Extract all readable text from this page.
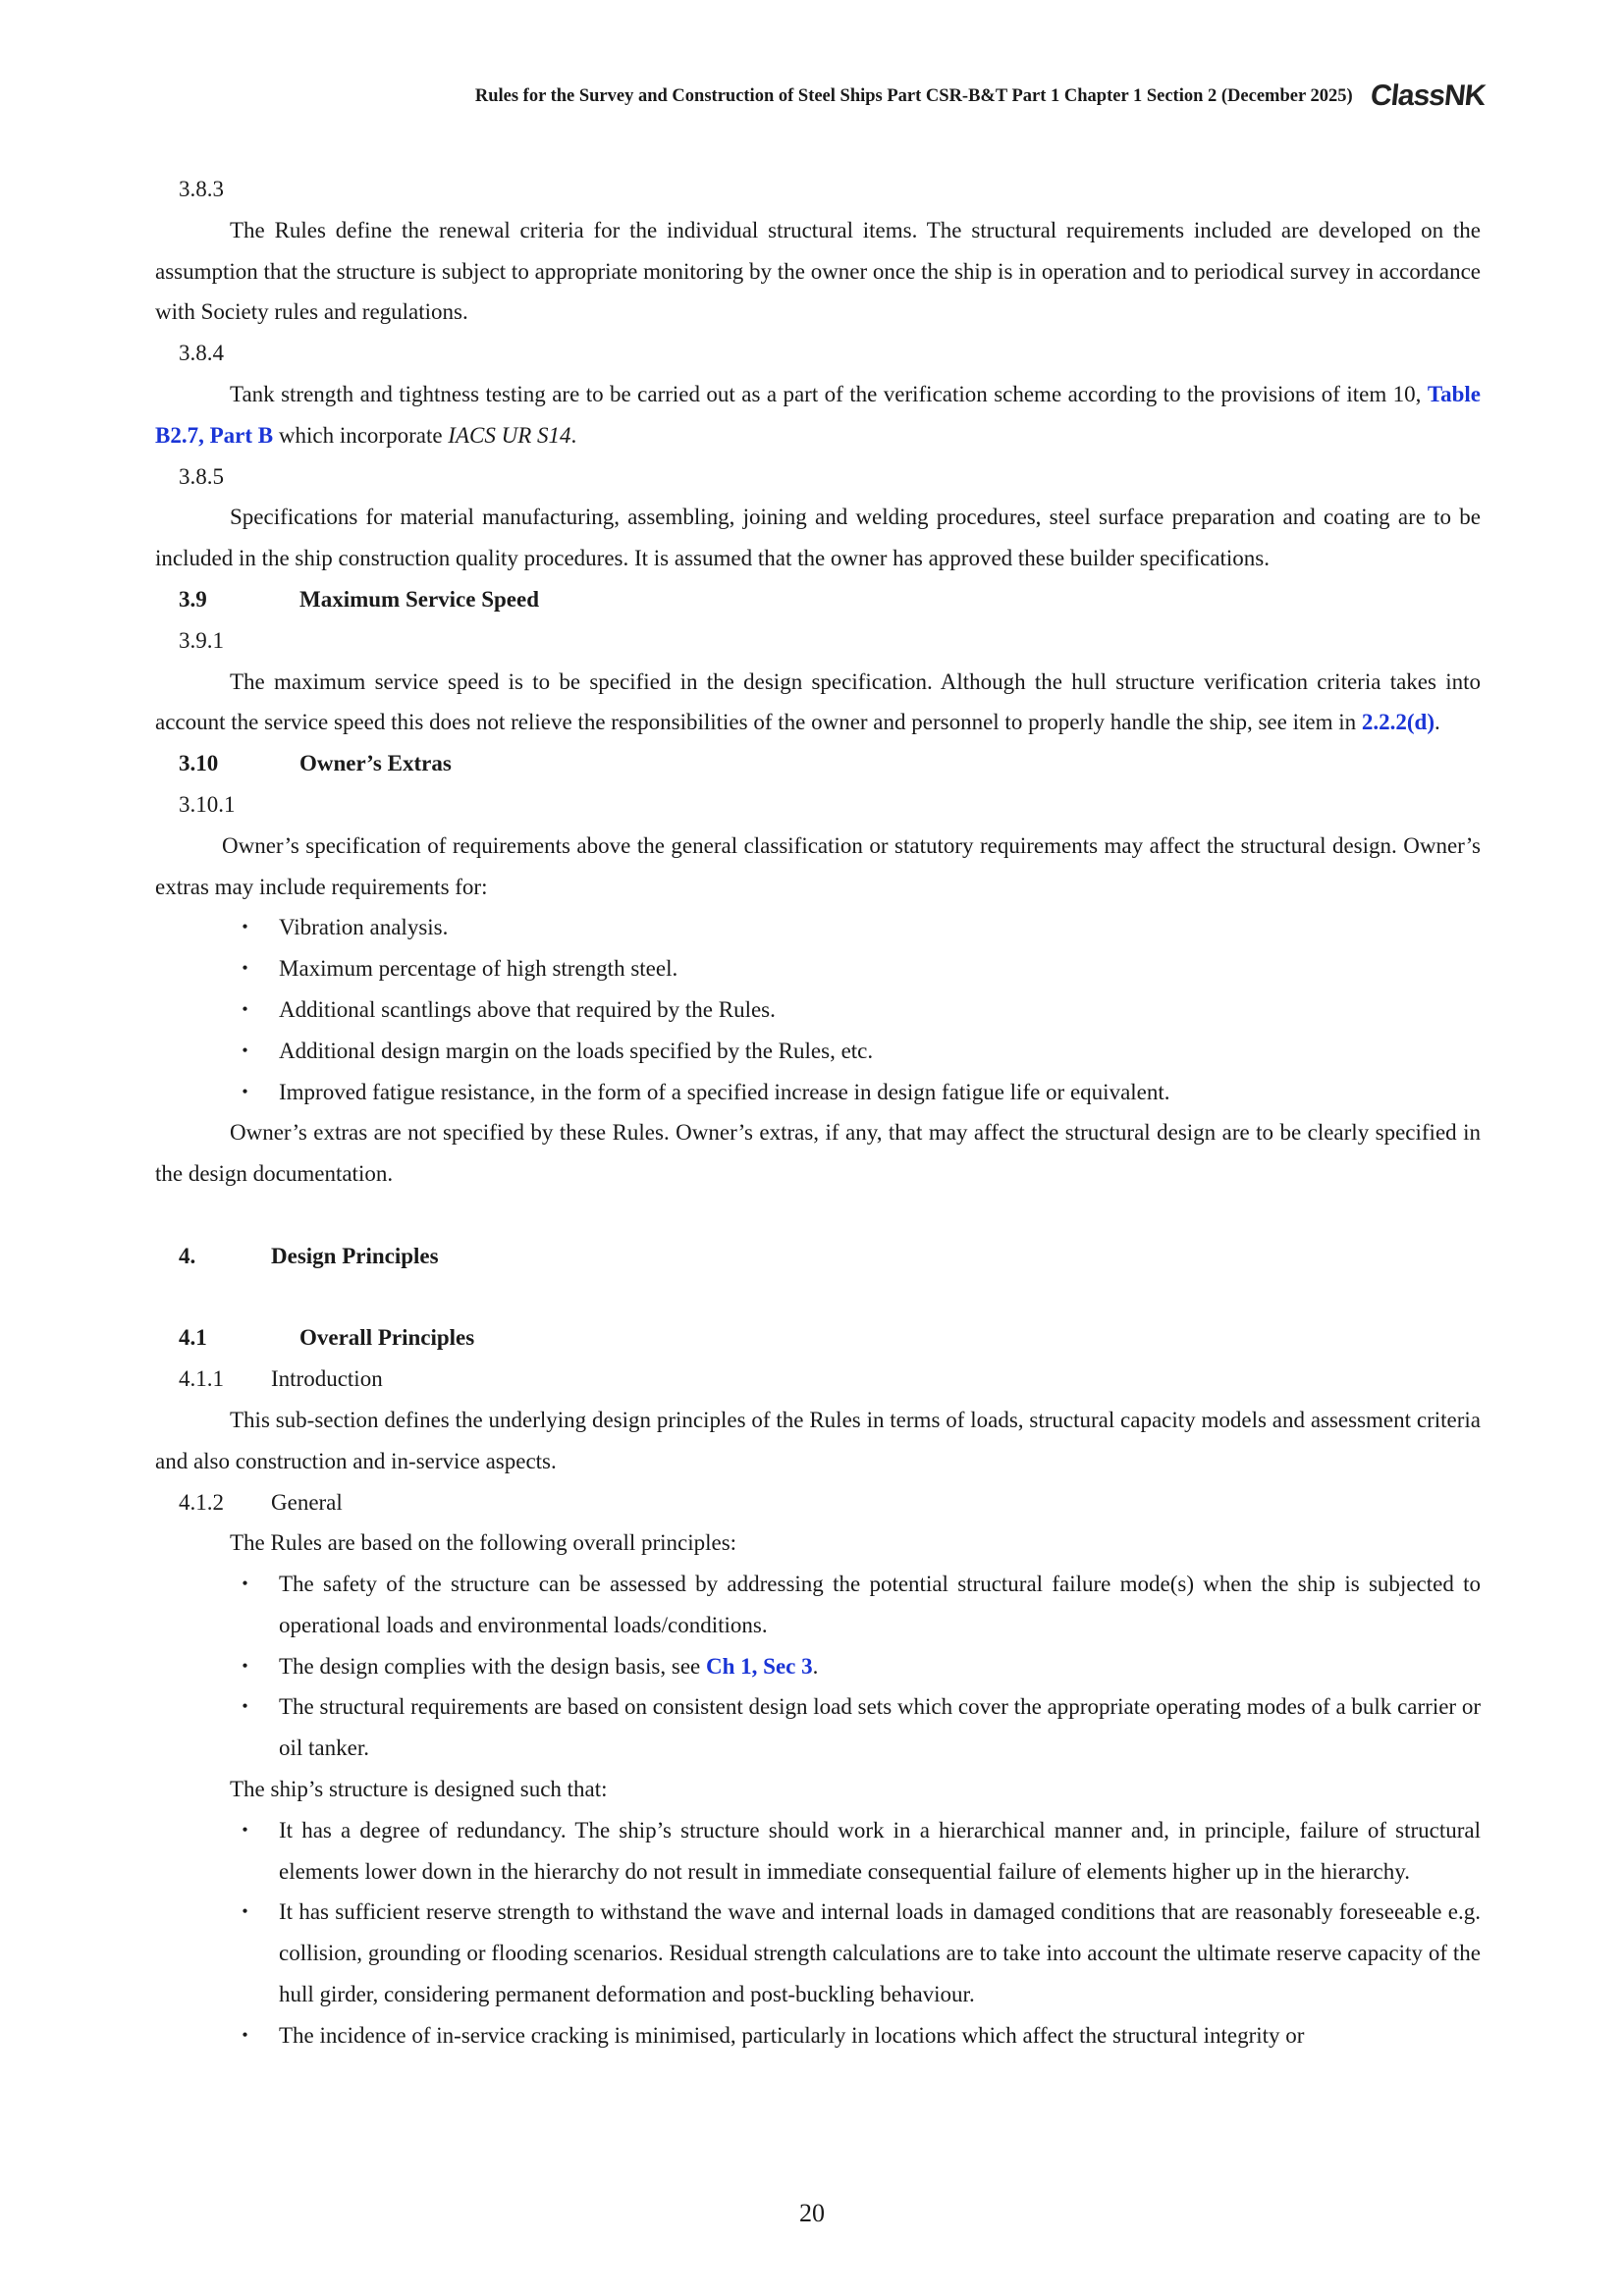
Rules for the Survey and Construction of Steel Ships Part CSR-B&T Part 1 Chapter 1 Section 2 (December 2025) ClassNK
3.8.3
The Rules define the renewal criteria for the individual structural items. The structural requirements included are developed on the assumption that the structure is subject to appropriate monitoring by the owner once the ship is in operation and to periodical survey in accordance with Society rules and regulations.
3.8.4
Tank strength and tightness testing are to be carried out as a part of the verification scheme according to the provisions of item 10, Table B2.7, Part B which incorporate IACS UR S14.
3.8.5
Specifications for material manufacturing, assembling, joining and welding procedures, steel surface preparation and coating are to be included in the ship construction quality procedures. It is assumed that the owner has approved these builder specifications.
3.9	Maximum Service Speed
3.9.1
The maximum service speed is to be specified in the design specification. Although the hull structure verification criteria takes into account the service speed this does not relieve the responsibilities of the owner and personnel to properly handle the ship, see item in 2.2.2(d).
3.10	Owner’s Extras
3.10.1
Owner’s specification of requirements above the general classification or statutory requirements may affect the structural design. Owner’s extras may include requirements for:
・ Vibration analysis.
・ Maximum percentage of high strength steel.
・ Additional scantlings above that required by the Rules.
・ Additional design margin on the loads specified by the Rules, etc.
・ Improved fatigue resistance, in the form of a specified increase in design fatigue life or equivalent.
Owner’s extras are not specified by these Rules. Owner’s extras, if any, that may affect the structural design are to be clearly specified in the design documentation.
4.	Design Principles
4.1	Overall Principles
4.1.1	Introduction
This sub-section defines the underlying design principles of the Rules in terms of loads, structural capacity models and assessment criteria and also construction and in-service aspects.
4.1.2	General
The Rules are based on the following overall principles:
・ The safety of the structure can be assessed by addressing the potential structural failure mode(s) when the ship is subjected to operational loads and environmental loads/conditions.
・ The design complies with the design basis, see Ch 1, Sec 3.
・ The structural requirements are based on consistent design load sets which cover the appropriate operating modes of a bulk carrier or oil tanker.
The ship’s structure is designed such that:
・ It has a degree of redundancy. The ship’s structure should work in a hierarchical manner and, in principle, failure of structural elements lower down in the hierarchy do not result in immediate consequential failure of elements higher up in the hierarchy.
・ It has sufficient reserve strength to withstand the wave and internal loads in damaged conditions that are reasonably foreseeable e.g. collision, grounding or flooding scenarios. Residual strength calculations are to take into account the ultimate reserve capacity of the hull girder, considering permanent deformation and post-buckling behaviour.
・ The incidence of in-service cracking is minimised, particularly in locations which affect the structural integrity or
20
